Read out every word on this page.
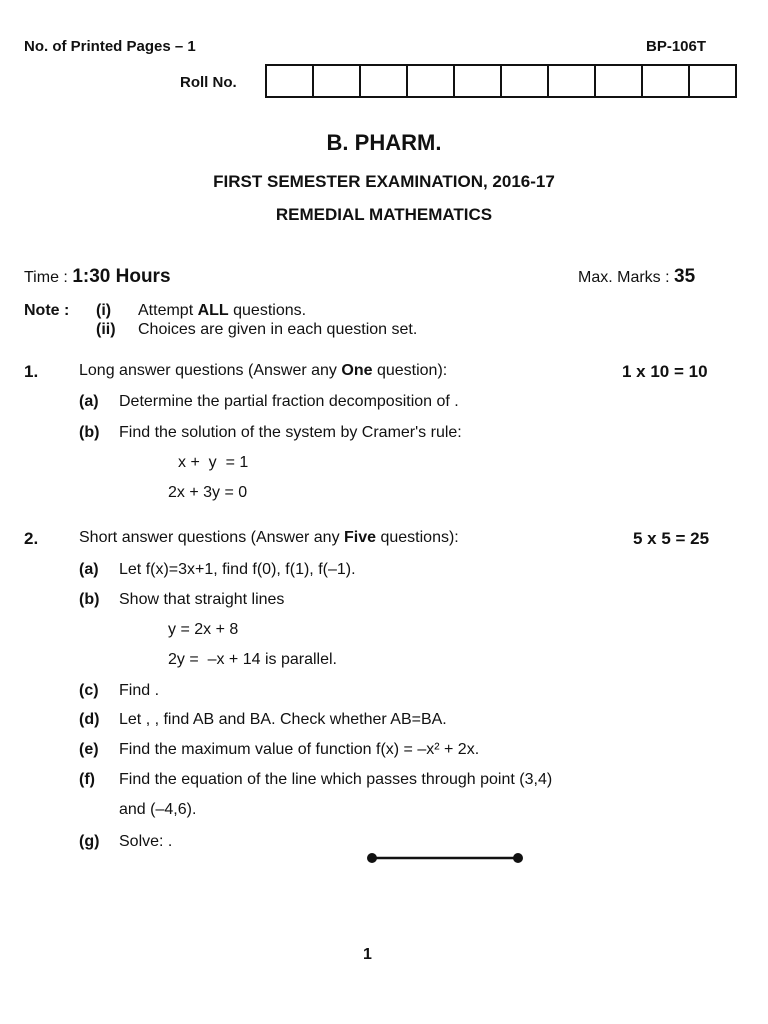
No. of Printed Pages – 1	BP-106T
Roll No.
B. PHARM.
FIRST SEMESTER EXAMINATION, 2016-17
REMEDIAL MATHEMATICS
Time : 1:30 Hours	Max. Marks : 35
Note : (i) Attempt ALL questions.
(ii) Choices are given in each question set.
1.	Long answer questions (Answer any One question):	1 x 10 = 10
(a) Determine the partial fraction decomposition of .
(b) Find the solution of the system by Cramer's rule:
x +  y  = 1
2x + 3y = 0
2.	Short answer questions (Answer any Five questions):	5 x 5 = 25
(a) Let f(x)=3x+1, find f(0), f(1), f(–1).
(b) Show that straight lines
y = 2x + 8
2y =  –x + 14 is parallel.
(c) Find .
(d) Let , , find AB and BA. Check whether AB=BA.
(e) Find the maximum value of function f(x) = –x² + 2x.
(f) Find the equation of the line which passes through point (3,4)
and (–4,6).
(g) Solve: .
1
